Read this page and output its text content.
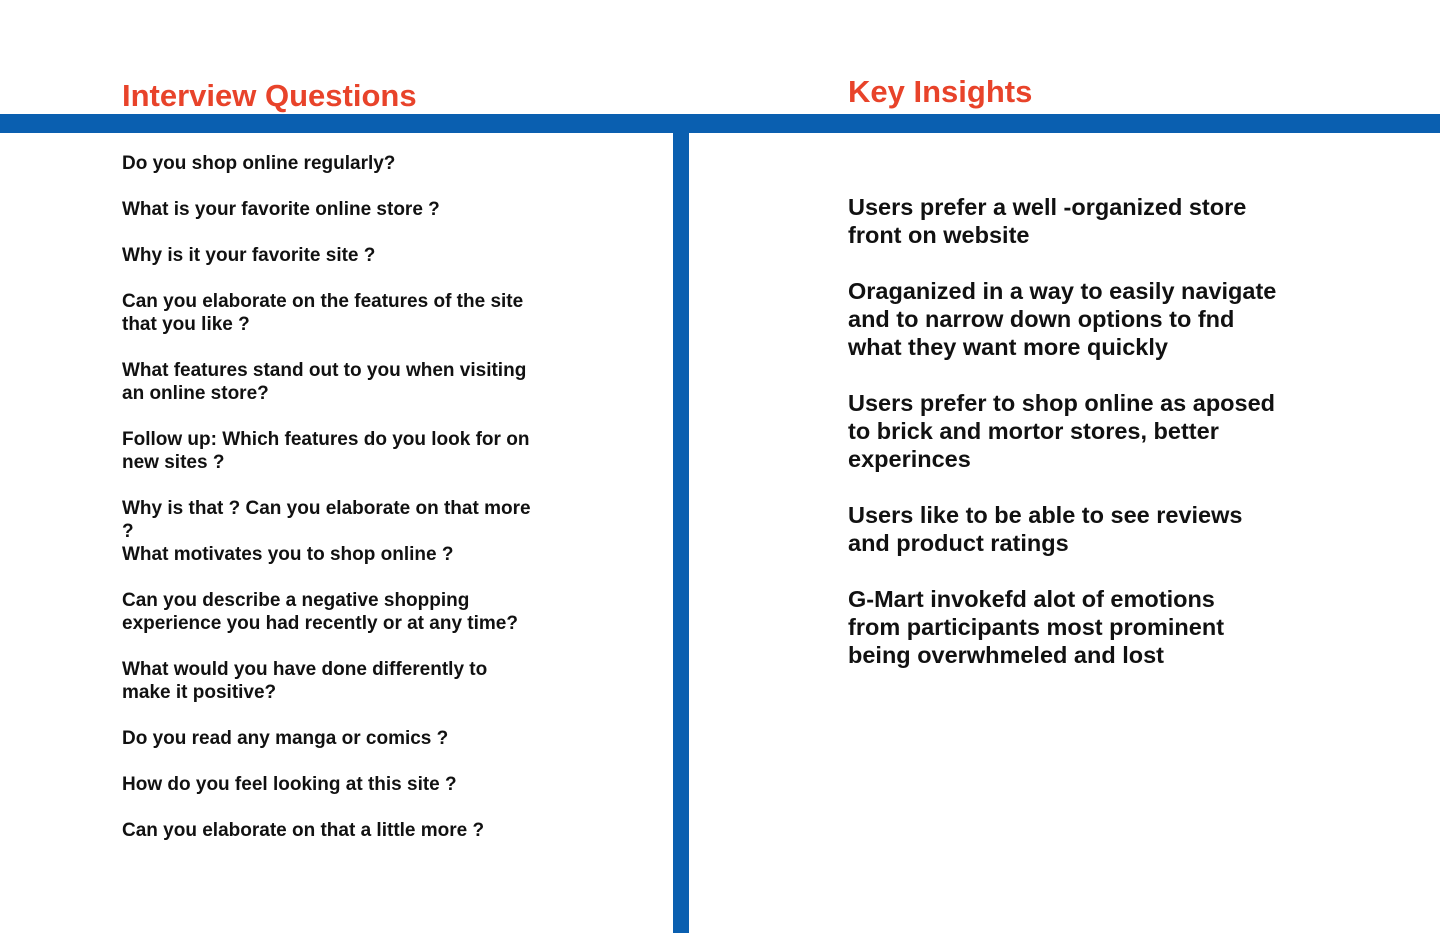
Interview Questions	Key Insights
Do you shop online regularly?
What is your favorite online store ?
Why is it your favorite site ?
Can you elaborate on the features of the site
that you like ?
What features stand out to you when visiting
an online store?
Follow up: Which features do you look for on
new sites ?
Why is that ? Can you elaborate on that more
?
What motivates you to shop online ?
Can you describe a negative shopping
experience you had recently or at any time?
What would you have done differently to
make it positive?
Do you read any manga or comics ?
How do you feel looking at this site ?
Can you elaborate on that a little more ?
Users prefer a well -organized store
front on website
Oraganized in a way to easily navigate
and to narrow down options to fnd
what they want more quickly
Users prefer to shop online as aposed
to brick and mortor stores, better
experinces
Users like to be able to see reviews
and product ratings
G-Mart invokefd alot of emotions
from participants most prominent
being overwhmeled and lost
